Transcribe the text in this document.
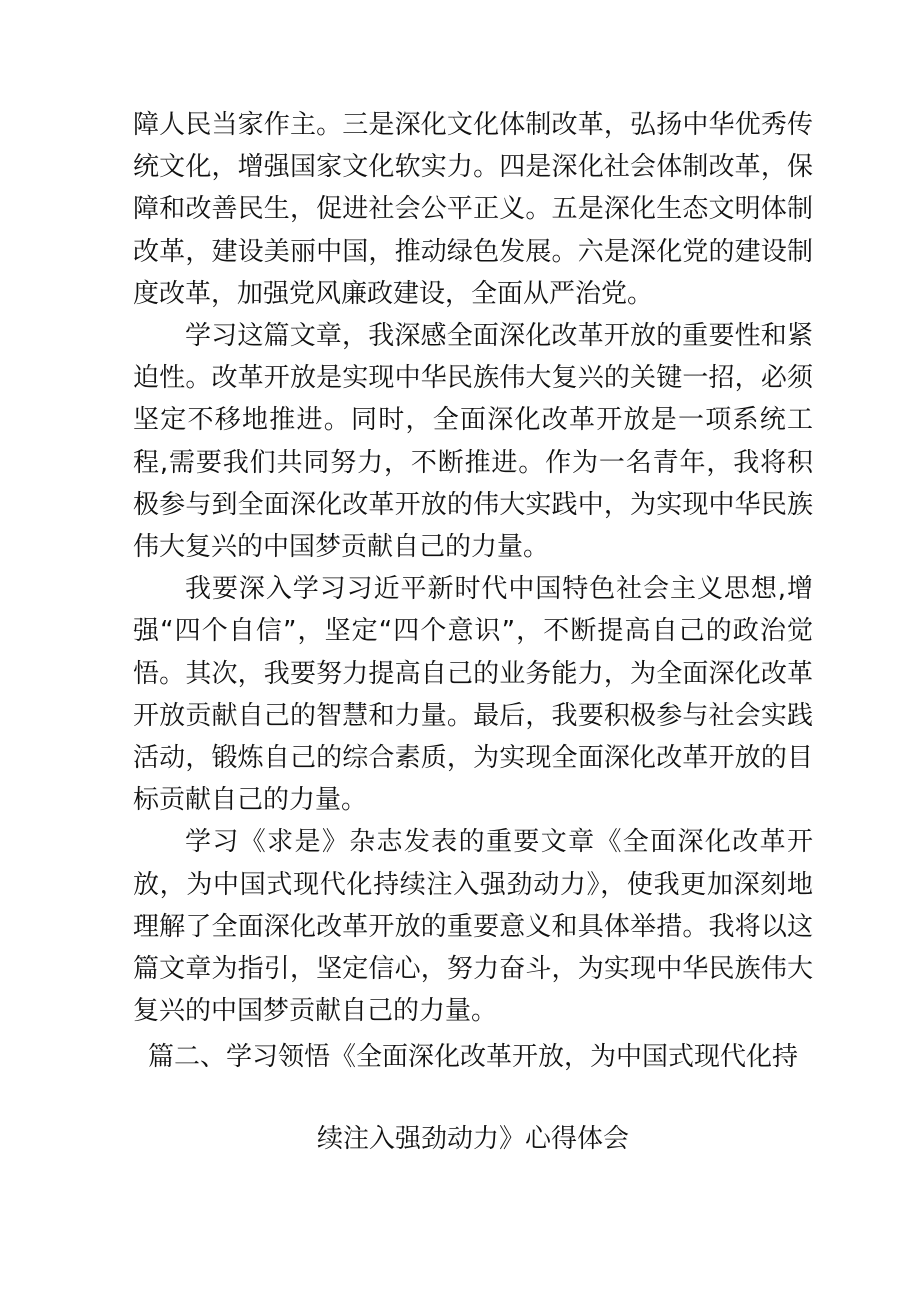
障人民当家作主。三是深化文化体制改革，弘扬中华优秀传统文化，增强国家文化软实力。四是深化社会体制改革，保障和改善民生，促进社会公平正义。五是深化生态文明体制改革，建设美丽中国，推动绿色发展。六是深化党的建设制度改革，加强党风廉政建设，全面从严治党。

学习这篇文章，我深感全面深化改革开放的重要性和紧迫性。改革开放是实现中华民族伟大复兴的关键一招，必须坚定不移地推进。同时，全面深化改革开放是一项系统工程,需要我们共同努力，不断推进。作为一名青年，我将积极参与到全面深化改革开放的伟大实践中，为实现中华民族伟大复兴的中国梦贡献自己的力量。

我要深入学习习近平新时代中国特色社会主义思想,增强“四个自信”，坚定“四个意识”，不断提高自己的政治觉悟。其次，我要努力提高自己的业务能力，为全面深化改革开放贡献自己的智慧和力量。最后，我要积极参与社会实践活动，锻炼自己的综合素质，为实现全面深化改革开放的目标贡献自己的力量。

学习《求是》杂志发表的重要文章《全面深化改革开放，为中国式现代化持续注入强劲动力》，使我更加深刻地理解了全面深化改革开放的重要意义和具体举措。我将以这篇文章为指引，坚定信心，努力奋斗，为实现中华民族伟大复兴的中国梦贡献自己的力量。

篇二、学习领悟《全面深化改革开放，为中国式现代化持
续注入强劲动力》心得体会
